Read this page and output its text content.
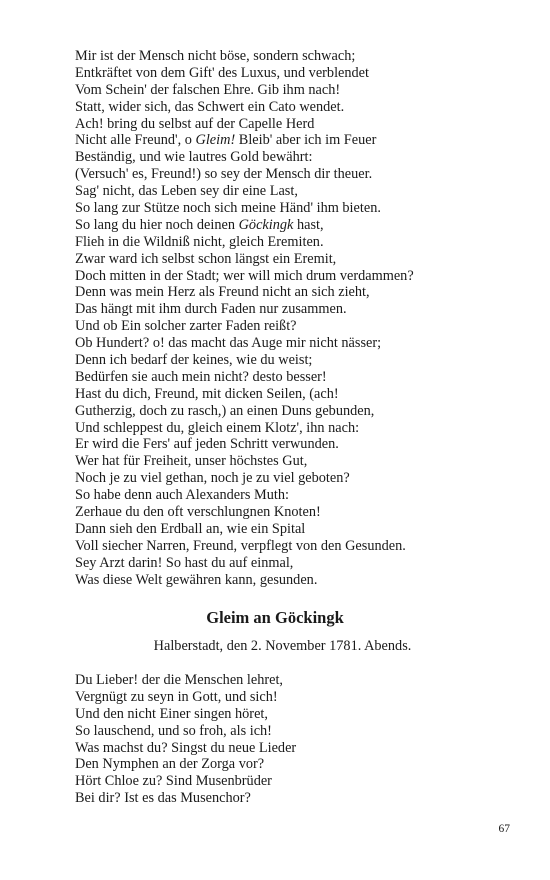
Mir ist der Mensch nicht böse, sondern schwach;
Entkräftet von dem Gift' des Luxus, und verblendet
Vom Schein' der falschen Ehre. Gib ihm nach!
Statt, wider sich, das Schwert ein Cato wendet.
Ach! bring du selbst auf der Capelle Herd
Nicht alle Freund', o Gleim! Bleib' aber ich im Feuer
Beständig, und wie lautres Gold bewährt:
(Versuch' es, Freund!) so sey der Mensch dir theuer.
Sag' nicht, das Leben sey dir eine Last,
So lang zur Stütze noch sich meine Händ' ihm bieten.
So lang du hier noch deinen Göckingk hast,
Flieh in die Wildniß nicht, gleich Eremiten.
Zwar ward ich selbst schon längst ein Eremit,
Doch mitten in der Stadt; wer will mich drum verdammen?
Denn was mein Herz als Freund nicht an sich zieht,
Das hängt mit ihm durch Faden nur zusammen.
Und ob Ein solcher zarter Faden reißt?
Ob Hundert? o! das macht das Auge mir nicht nässer;
Denn ich bedarf der keines, wie du weist;
Bedürfen sie auch mein nicht? desto besser!
Hast du dich, Freund, mit dicken Seilen, (ach!
Gutherzig, doch zu rasch,) an einen Duns gebunden,
Und schleppest du, gleich einem Klotz', ihn nach:
Er wird die Fers' auf jeden Schritt verwunden.
Wer hat für Freiheit, unser höchstes Gut,
Noch je zu viel gethan, noch je zu viel geboten?
So habe denn auch Alexanders Muth:
Zerhaue du den oft verschlungnen Knoten!
Dann sieh den Erdball an, wie ein Spital
Voll siecher Narren, Freund, verpflegt von den Gesunden.
Sey Arzt darin! So hast du auf einmal,
Was diese Welt gewähren kann, gesunden.
Gleim an Göckingk
Halberstadt, den 2. November 1781. Abends.
Du Lieber! der die Menschen lehret,
Vergnügt zu seyn in Gott, und sich!
Und den nicht Einer singen höret,
So lauschend, und so froh, als ich!
Was machst du? Singst du neue Lieder
Den Nymphen an der Zorga vor?
Hört Chloe zu? Sind Musenbrüder
Bei dir? Ist es das Musenchor?
67
